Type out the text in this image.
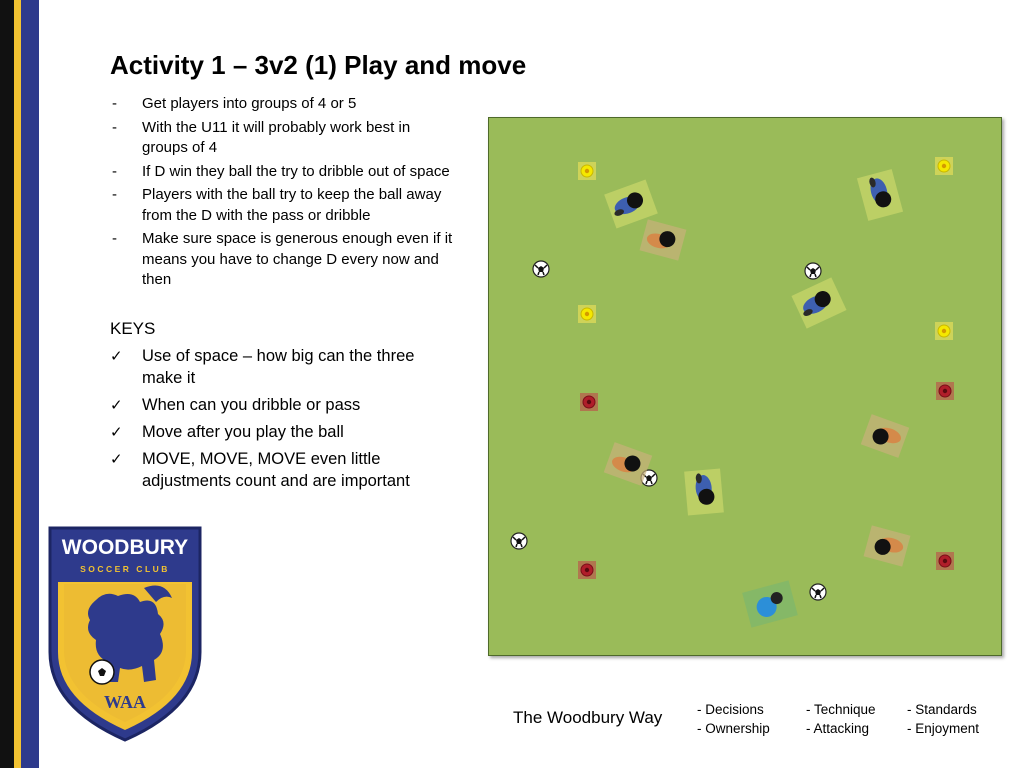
Activity 1 – 3v2 (1) Play and move
- Get players into groups of 4 or 5
- With the U11 it will probably work best in groups of 4
- If D win they ball the try to dribble out of space
- Players with the ball try to keep the ball away from the D with the pass or dribble
- Make sure space is generous enough even if it means you have to change D every now and then
KEYS
✓ Use of space – how big can the three make it
✓ When can you dribble or pass
✓ Move after you play the ball
✓ MOVE, MOVE, MOVE even little adjustments count and are important
WOODBURY
SOCCER CLUB
WAA
The Woodbury Way	- Decisions
- Ownership
- Technique
- Attacking
- Standards
- Enjoyment
